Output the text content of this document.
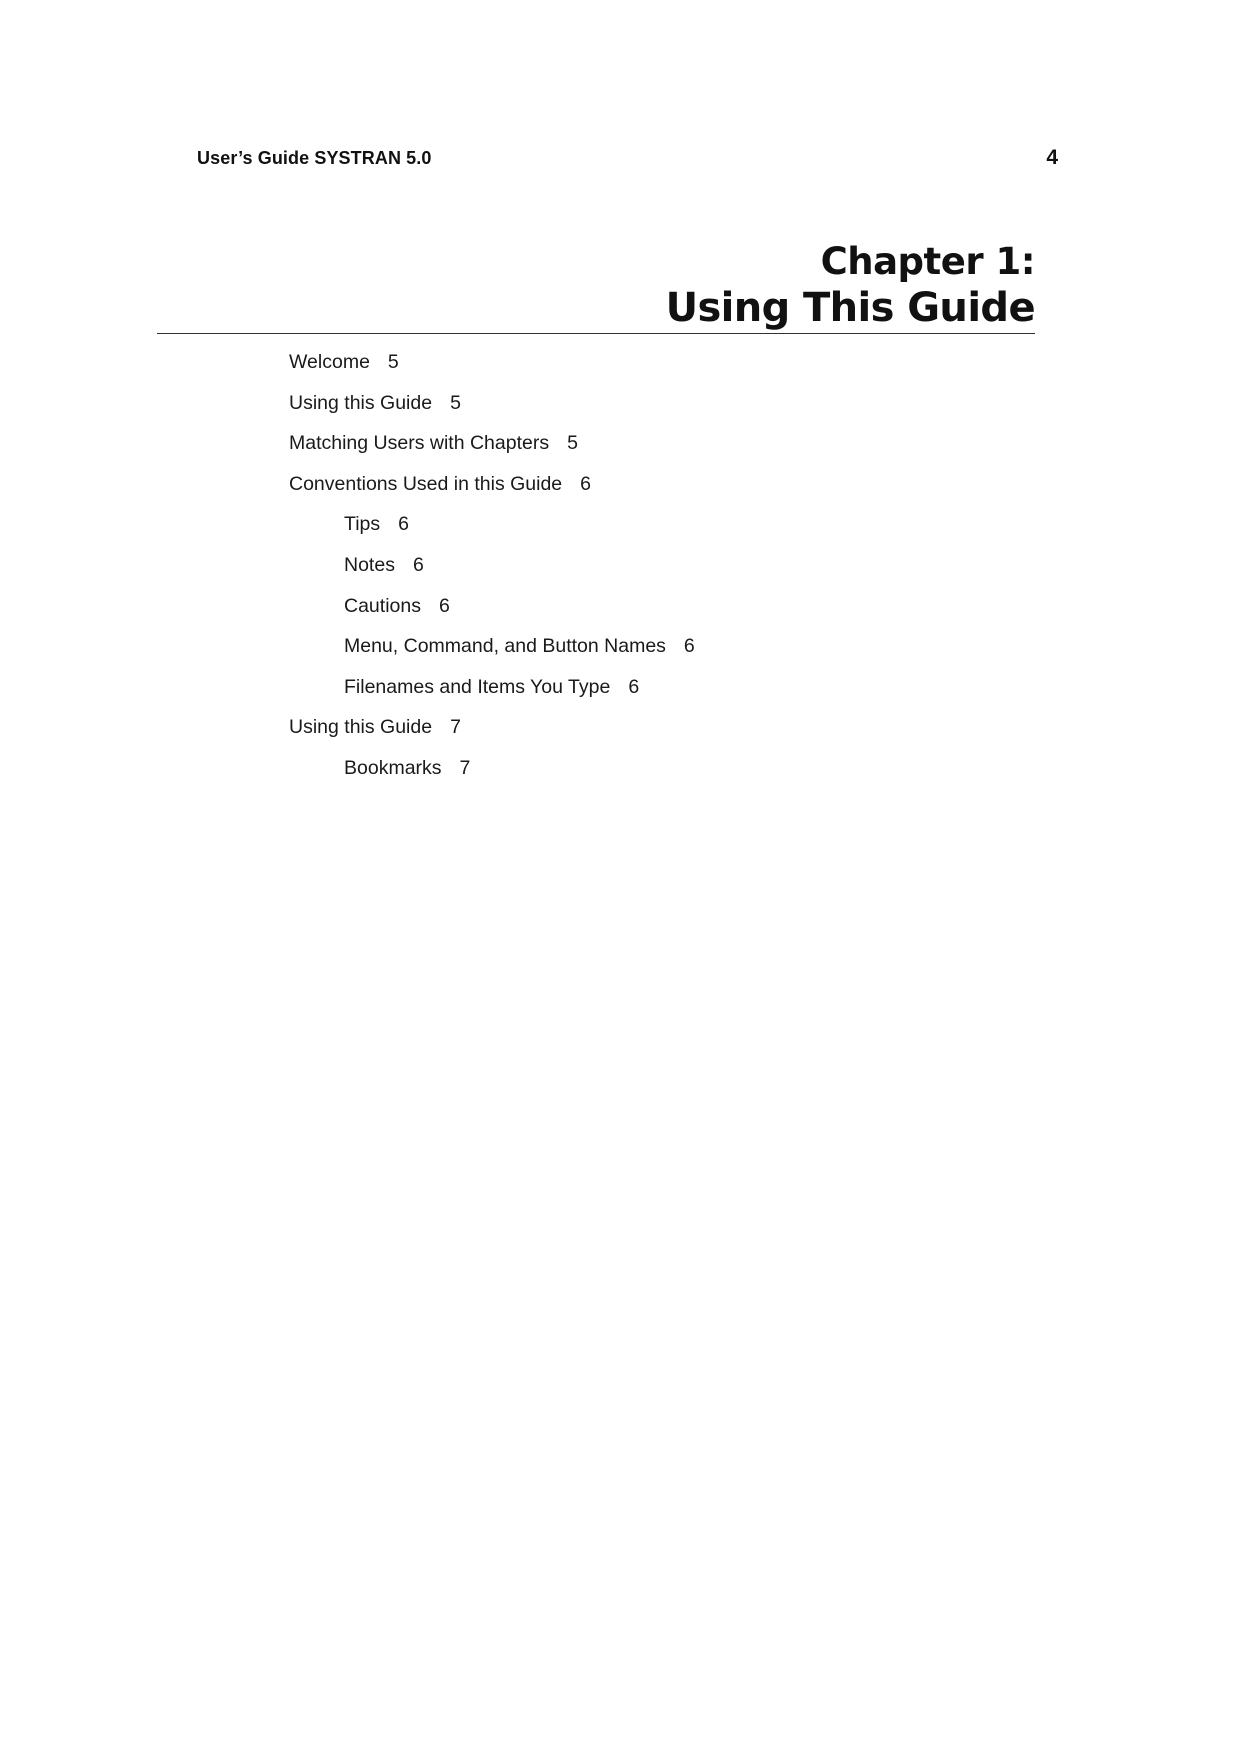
User’s Guide SYSTRAN 5.0	4
Chapter 1:
Using This Guide
Welcome 5
Using this Guide 5
Matching Users with Chapters 5
Conventions Used in this Guide 6
Tips 6
Notes 6
Cautions 6
Menu, Command, and Button Names 6
Filenames and Items You Type 6
Using this Guide 7
Bookmarks 7
